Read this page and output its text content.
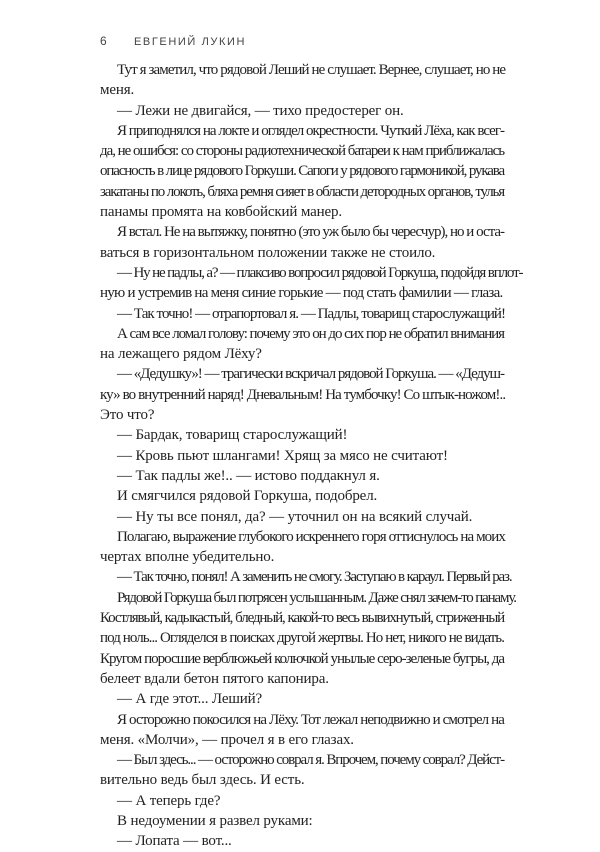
6	ЕВГЕНИЙ ЛУКИН
Тут я заметил, что рядовой Леший не слушает. Вернее, слушает, но не
меня.
— Лежи не двигайся, — тихо предостерег он.
Я приподнялся на локте и оглядел окрестности. Чуткий Лёха, как всег-
да, не ошибся: со стороны радиотехнической батареи к нам приближалась
опасность в лице рядового Горкуши. Сапоги у рядового гармоникой, рукава
закатаны по локоть, бляха ремня сияет в области детородных органов, тулья
панамы промята на ковбойский манер.
Я встал. Не на вытяжку, понятно (это уж было бы чересчур), но и оста-
ваться в горизонтальном положении также не стоило.
— Ну не падлы, а? — плаксиво вопросил рядовой Горкуша, подойдя вплот-
ную и устремив на меня синие горькие — под стать фамилии — глаза.
— Так точно! — отрапортовал я. — Падлы, товарищ старослужащий!
А сам все ломал голову: почему это он до сих пор не обратил внимания
на лежащего рядом Лёху?
— «Дедушку»! — трагически вскричал рядовой Горкуша. — «Дедуш-
ку» во внутренний наряд! Дневальным! На тумбочку! Со штык-ножом!..
Это что?
— Бардак, товарищ старослужащий!
— Кровь пьют шлангами! Хрящ за мясо не считают!
— Так падлы же!.. — истово поддакнул я.
И смягчился рядовой Горкуша, подобрел.
— Ну ты все понял, да? — уточнил он на всякий случай.
Полагаю, выражение глубокого искреннего горя оттиснулось на моих
чертах вполне убедительно.
— Так точно, понял! А заменить не смогу. Заступаю в караул. Первый раз.
Рядовой Горкуша был потрясен услышанным. Даже снял зачем-то панаму.
Костлявый, кадыкастый, бледный, какой-то весь вывихнутый, стриженный
под ноль... Огляделся в поисках другой жертвы. Но нет, никого не видать.
Кругом поросшие верблюжьей колючкой унылые серо-зеленые бугры, да
белеет вдали бетон пятого капонира.
— А где этот... Леший?
Я осторожно покосился на Лёху. Тот лежал неподвижно и смотрел на
меня. «Молчи», — прочел я в его глазах.
— Был здесь... — осторожно соврал я. Впрочем, почему соврал? Дейст-
вительно ведь был здесь. И есть.
— А теперь где?
В недоумении я развел руками:
— Лопата — вот...
